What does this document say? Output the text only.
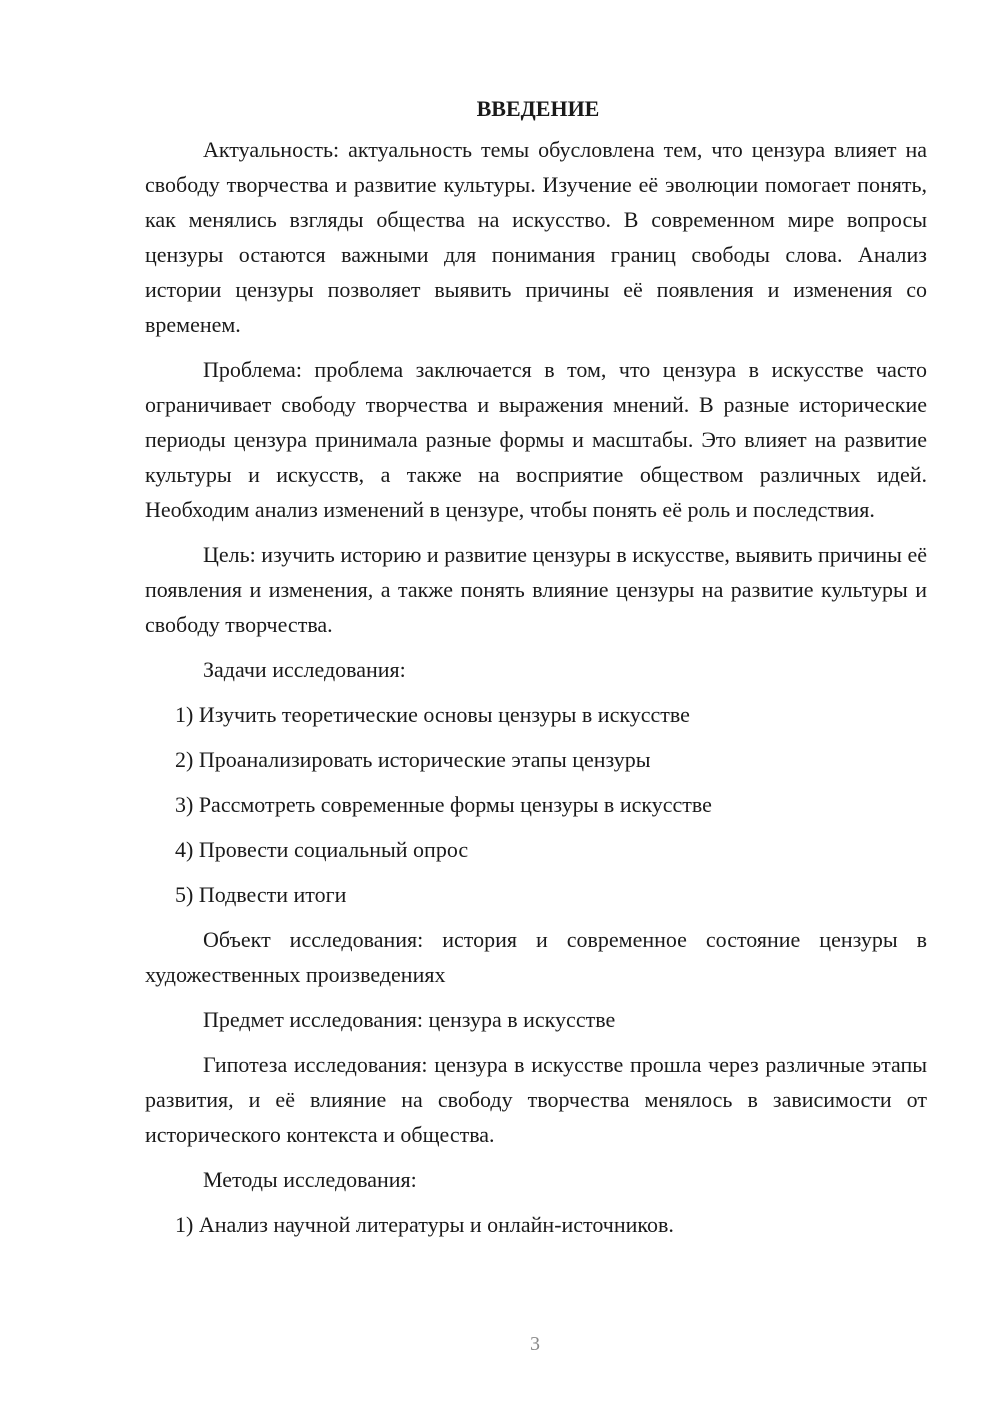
ВВЕДЕНИЕ

Актуальность: актуальность темы обусловлена тем, что цензура влияет на свободу творчества и развитие культуры. Изучение её эволюции помогает понять, как менялись взгляды общества на искусство. В современном мире вопросы цензуры остаются важными для понимания границ свободы слова. Анализ истории цензуры позволяет выявить причины её появления и изменения со временем.

Проблема: проблема заключается в том, что цензура в искусстве часто ограничивает свободу творчества и выражения мнений. В разные исторические периоды цензура принимала разные формы и масштабы. Это влияет на развитие культуры и искусств, а также на восприятие обществом различных идей. Необходим анализ изменений в цензуре, чтобы понять её роль и последствия.

Цель: изучить историю и развитие цензуры в искусстве, выявить причины её появления и изменения, а также понять влияние цензуры на развитие культуры и свободу творчества.

Задачи исследования:

1) Изучить теоретические основы цензуры в искусстве
2) Проанализировать исторические этапы цензуры
3) Рассмотреть современные формы цензуры в искусстве
4) Провести социальный опрос
5) Подвести итоги

Объект исследования: история и современное состояние цензуры в художественных произведениях

Предмет исследования: цензура в искусстве

Гипотеза исследования: цензура в искусстве прошла через различные этапы развития, и её влияние на свободу творчества менялось в зависимости от исторического контекста и общества.

Методы исследования:

1) Анализ научной литературы и онлайн-источников.
3
